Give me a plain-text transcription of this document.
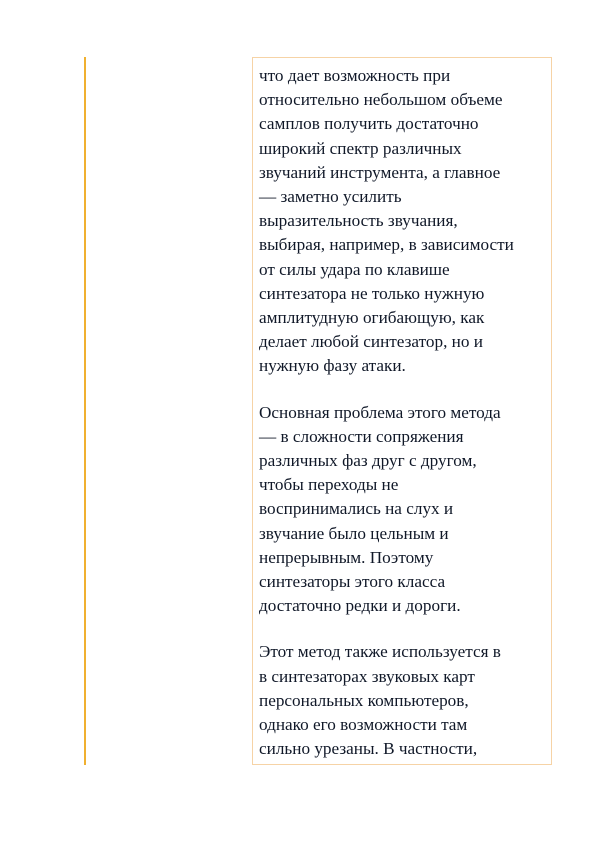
что дает возможность при
относительно небольшом объеме
самплов получить достаточно
широкий спектр различных
звучаний инструмента, а главное
— заметно усилить
выразительность звучания,
выбирая, например, в зависимости
от силы удара по клавише
синтезатора не только нужную
амплитудную огибающую, как
делает любой синтезатор, но и
нужную фазу атаки.

Основная проблема этого метода
— в сложности сопряжения
различных фаз друг с другом,
чтобы переходы не
воспринимались на слух и
звучание было цельным и
непрерывным. Поэтому
синтезаторы этого класса
достаточно редки и дороги.

Этот метод также используется в
в синтезаторах звуковых карт
персональных компьютеров,
однако его возможности там
сильно урезаны. В частности,
